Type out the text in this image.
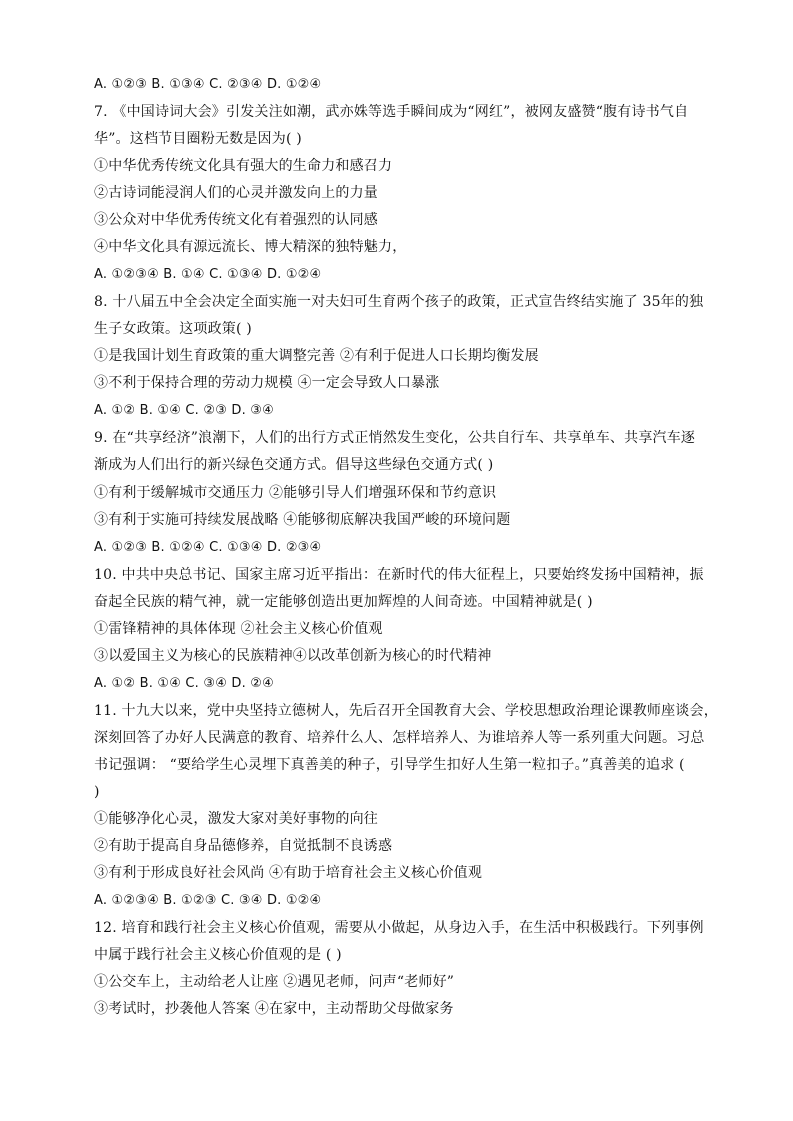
A. ①②③ B. ①③④ C. ②③④ D. ①②④
7. 《中国诗词大会》引发关注如潮，武亦姝等选手瞬间成为“网红”，被网友盛赞“腹有诗书气自
华”。这档节目圈粉无数是因为( )
①中华优秀传统文化具有强大的生命力和感召力
②古诗词能浸润人们的心灵并激发向上的力量
③公众对中华优秀传统文化有着强烈的认同感
④中华文化具有源远流长、博大精深的独特魅力，
A. ①②③④ B. ①④ C. ①③④ D. ①②④
8. 十八届五中全会决定全面实施一对夫妇可生育两个孩子的政策，正式宣告终结实施了 35年的独
生子女政策。这项政策( )
①是我国计划生育政策的重大调整完善 ②有利于促进人口长期均衡发展
③不利于保持合理的劳动力规模 ④一定会导致人口暴涨
A. ①② B. ①④ C. ②③ D. ③④
9. 在“共享经济”浪潮下，人们的出行方式正悄然发生变化，公共自行车、共享单车、共享汽车逐
渐成为人们出行的新兴绿色交通方式。倡导这些绿色交通方式( )
①有利于缓解城市交通压力 ②能够引导人们增强环保和节约意识
③有利于实施可持续发展战略 ④能够彻底解决我国严峻的环境问题
A. ①②③ B. ①②④ C. ①③④ D. ②③④
10. 中共中央总书记、国家主席习近平指出：在新时代的伟大征程上，只要始终发扬中国精神，振
奋起全民族的精气神，就一定能够创造出更加辉煌的人间奇迹。中国精神就是( )
①雷锋精神的具体体现 ②社会主义核心价值观
③以爱国主义为核心的民族精神④以改革创新为核心的时代精神
A. ①② B. ①④ C. ③④ D. ②④
11. 十九大以来，党中央坚持立德树人，先后召开全国教育大会、学校思想政治理论课教师座谈会，
深刻回答了办好人民满意的教育、培养什么人、怎样培养人、为谁培养人等一系列重大问题。习总
书记强调： “要给学生心灵埋下真善美的种子，引导学生扣好人生第一粒扣子。”真善美的追求 (
)
①能够净化心灵，激发大家对美好事物的向往
②有助于提高自身品德修养，自觉抵制不良诱惑
③有利于形成良好社会风尚 ④有助于培育社会主义核心价值观
A. ①②③④ B. ①②③ C. ③④ D. ①②④
12. 培育和践行社会主义核心价值观，需要从小做起，从身边入手，在生活中积极践行。下列事例
中属于践行社会主义核心价值观的是 ( )
①公交车上，主动给老人让座 ②遇见老师，问声“老师好”
③考试时，抄袭他人答案 ④在家中，主动帮助父母做家务
